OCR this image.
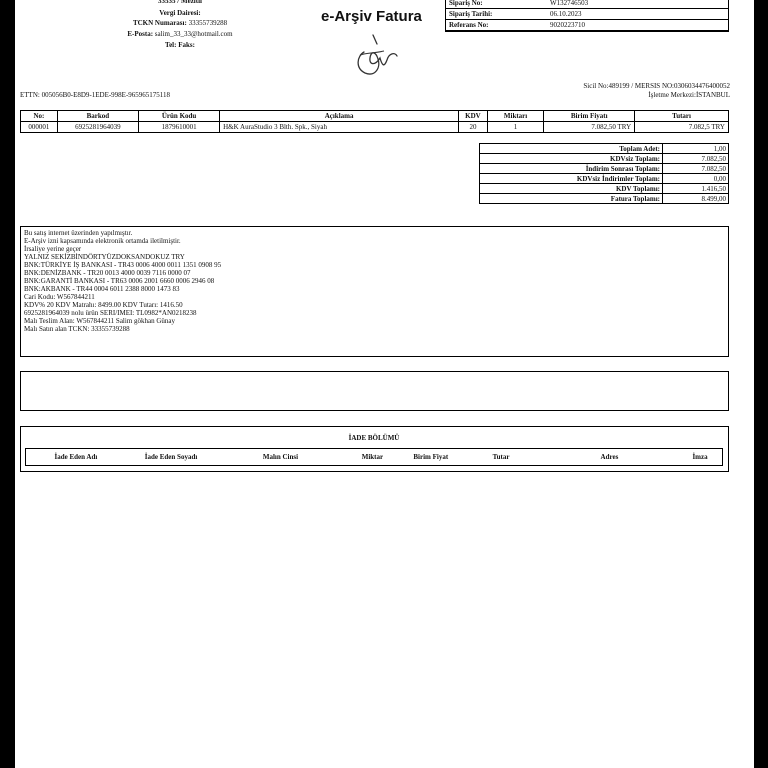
33535 / Mezitli
Vergi Dairesi:
TCKN Numarası: 33355739288
E-Posta: salim_33_33@hotmail.com
Tel: Faks:
e-Arşiv Fatura
Sipariş No:	W132746503
Sipariş Tarihi:	06.10.2023
Referans No:	9020223710
Sicil No:489199 / MERSIS NO:0306034476400052
İşletme Merkezi:İSTANBUL
ETTN: 005056B0-E8D9-1EDE-998E-965965175118
No:	Barkod	Ürün Kodu	Açıklama	KDV	Miktarı	Birim Fiyatı	Tutarı
000001	6925281964039	1879610001	H&K AuraStudio 3 Blth. Spk., Siyah	20	1	7.082,50 TRY	7.082,5 TRY
Toplam Adet:	1,00
KDVsiz Toplam:	7.082,50
İndirim Sonrası Toplam:	7.082,50
KDVsiz İndirimler Toplam:	0,00
KDV Toplamı:	1.416,50
Fatura Toplamı:	8.499,00
Bu satış internet üzerinden yapılmıştır.
E-Arşiv izni kapsamında elektronik ortamda iletilmiştir.
İrsaliye yerine geçer
YALNIZ SEKİZBİNDÖRTYÜZDOKSANDOKUZ TRY
BNK:TÜRKİYE İŞ BANKASI - TR43 0006 4000 0011 1351 0908 95
BNK:DENİZBANK - TR20 0013 4000 0039 7116 0000 07
BNK:GARANTİ BANKASI - TR63 0006 2001 6660 0006 2946 08
BNK:AKBANK - TR44 0004 6011 2388 8000 1473 83
Cari Kodu: W567844211
KDV% 20 KDV Matrahı: 8499.00 KDV Tutarı: 1416.50
6925281964039 nolu ürün SERI/IMEI: TL0982*AN0218238
Malı Teslim Alan: W567844211 Salim gökhan Günay
Malı Satın alan TCKN: 33355739288
İADE BÖLÜMÜ
İade Eden Adı	İade Eden Soyadı	Malın Cinsi	Miktar	Birim Fiyat	Tutar	Adres	İmza
